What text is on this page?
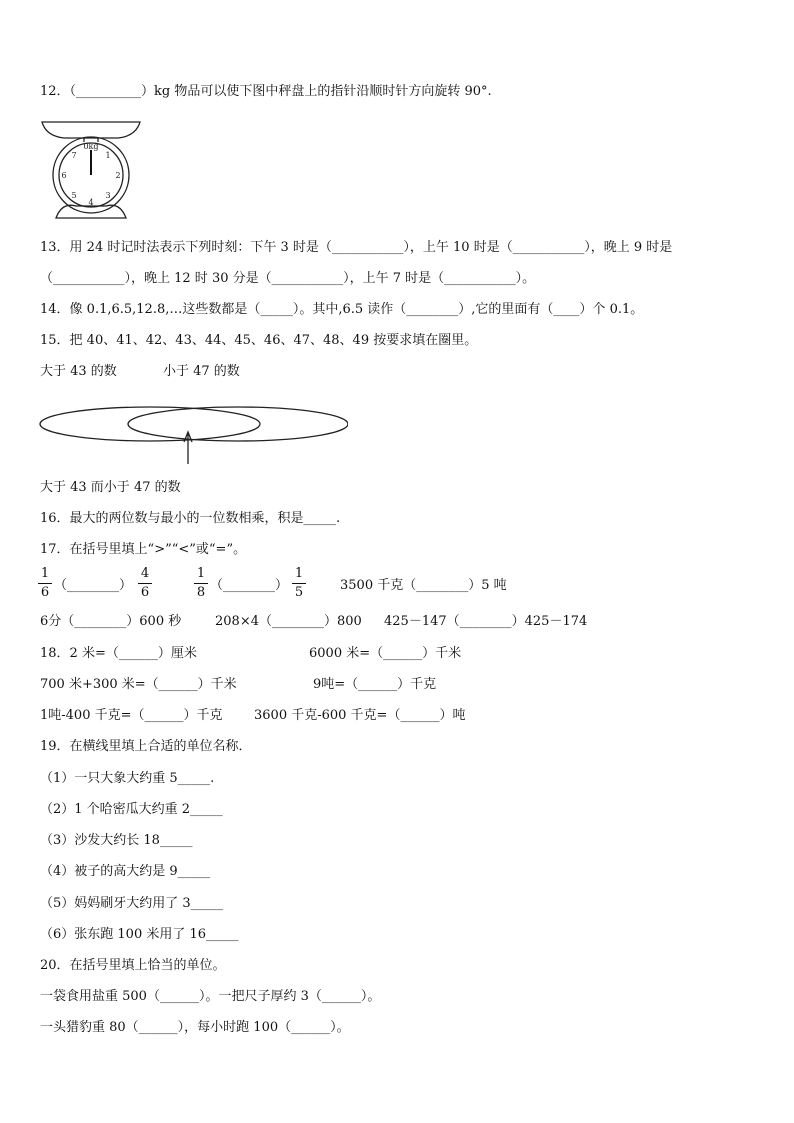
12．（__________）kg 物品可以使下图中秤盘上的指针沿顺时针方向旋转 90°.
0kg
1
2
3
4
5
6
7
13．用 24 时记时法表示下列时刻：下午 3 时是（___________），上午 10 时是（___________），晚上 9 时是
（___________），晚上 12 时 30 分是（___________），上午 7 时是（___________）。
14．像 0.1,6.5,12.8,…这些数都是（_____）。其中,6.5 读作（________）,它的里面有（____）个 0.1。
15．把 40、41、42、43、44、45、46、47、48、49 按要求填在圈里。
大于 43 的数	小于 47 的数
大于 43 而小于 47 的数
16．最大的两位数与最小的一位数相乘，积是_____.
17．在括号里填上“>”“<”或“=”。
1
6 （________）
4
6
1
8 （________）
1
5	3500 千克（________）5 吨
6分（________）600 秒	208×4（________）800 425－147（________）425－174
18．2 米=（______）厘米	6000 米=（______）千米
700 米+300 米=（______）千米	9吨=（______）千克
1吨-400 千克=（______）千克 3600 千克-600 千克=（______）吨
19．在横线里填上合适的单位名称．
（1）一只大象大约重 5_____.
（2）1 个哈密瓜大约重 2_____
（3）沙发大约长 18_____
（4）被子的高大约是 9_____
（5）妈妈刷牙大约用了 3_____
（6）张东跑 100 米用了 16_____
20．在括号里填上恰当的单位。
一袋食用盐重 500（______）。一把尺子厚约 3（______）。
一头猎豹重 80（______），每小时跑 100（______）。
